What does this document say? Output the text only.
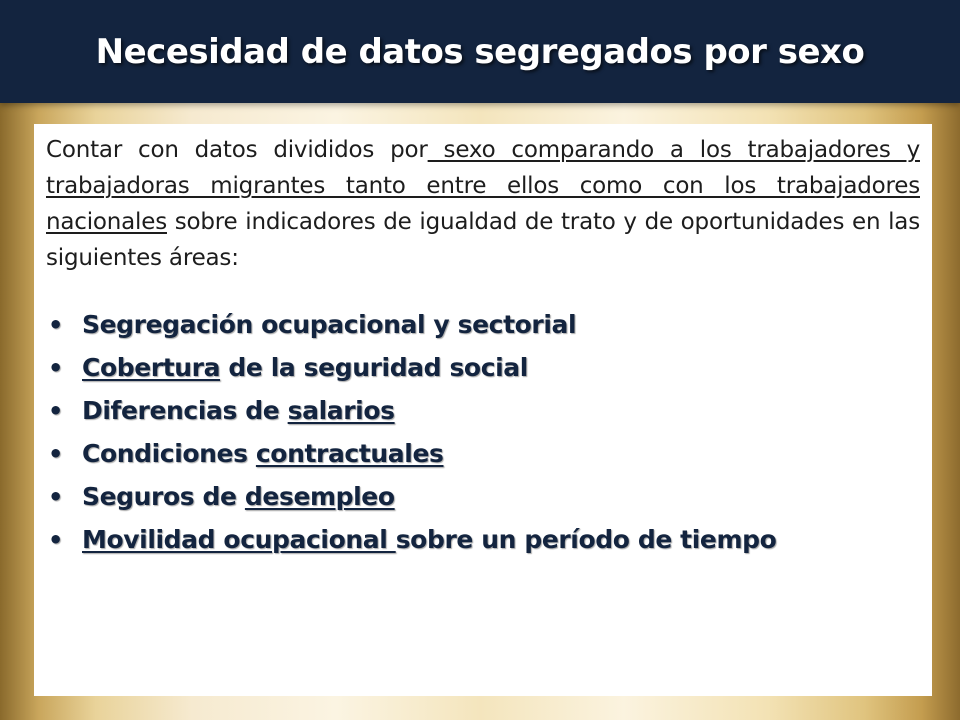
Necesidad de datos segregados por sexo

Contar con datos divididos por sexo comparando a los trabajadores y trabajadoras migrantes tanto entre ellos como con los trabajadores nacionales sobre indicadores de igualdad de trato y de oportunidades en las siguientes áreas:

• Segregación ocupacional y sectorial
• Cobertura de la seguridad social
• Diferencias de salarios
• Condiciones contractuales
• Seguros de desempleo
• Movilidad ocupacional sobre un período de tiempo
